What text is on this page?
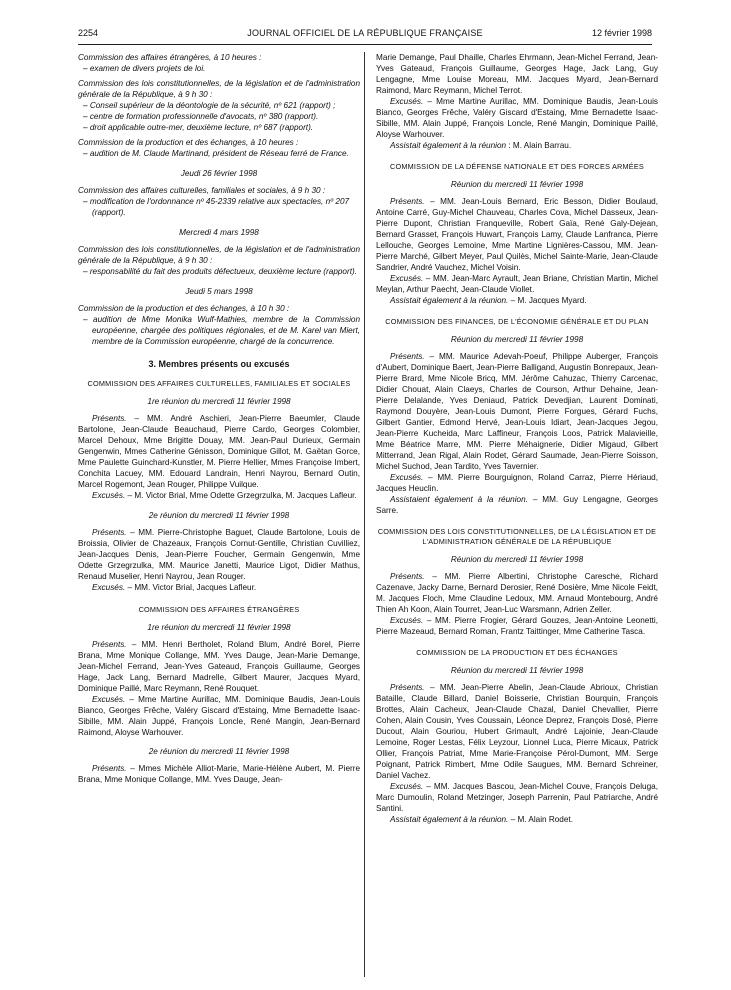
2254	JOURNAL OFFICIEL DE LA RÉPUBLIQUE FRANÇAISE	12 février 1998

Commission des affaires étrangères, à 10 heures :

– examen de divers projets de loi.

Commission des lois constitutionnelles, de la législation et de l'administration générale de la République, à 9 h 30 :

– Conseil supérieur de la déontologie de la sécurité, nº 621 (rapport) ;

– centre de formation professionnelle d'avocats, nº 380 (rapport).

– droit applicable outre-mer, deuxième lecture, nº 687 (rapport).

Commission de la production et des échanges, à 10 heures :

– audition de M. Claude Martinand, président de Réseau ferré de France.

Jeudi 26 février 1998

Commission des affaires culturelles, familiales et sociales, à 9 h 30 :

– modification de l'ordonnance nº 45-2339 relative aux spectacles, nº 207 (rapport).

Mercredi 4 mars 1998

Commission des lois constitutionnelles, de la législation et de l'administration générale de la République, à 9 h 30 :

– responsabilité du fait des produits défectueux, deuxième lecture (rapport).

Jeudi 5 mars 1998

Commission de la production et des échanges, à 10 h 30 :

– audition de Mme Monika Wulf-Mathies, membre de la Commission européenne, chargée des politiques régionales, et de M. Karel van Miert, membre de la Commission européenne, chargé de la concurrence.

3. Membres présents ou excusés

COMMISSION DES AFFAIRES CULTURELLES, FAMILIALES ET SOCIALES

1re réunion du mercredi 11 février 1998

Présents. – MM. André Aschieri, Jean-Pierre Baeumler, Claude Bartolone, Jean-Claude Beauchaud, Pierre Cardo, Georges Colombier, Marcel Dehoux, Mme Brigitte Douay, MM. Jean-Paul Durieux, Germain Gengenwin, Mmes Catherine Génisson, Dominique Gillot, M. Gaëtan Gorce, Mme Paulette Guinchard-Kunstler, M. Pierre Hellier, Mmes Françoise Imbert, Conchita Lacuey, MM. Edouard Landrain, Henri Nayrou, Bernard Outin, Marcel Rogemont, Jean Rouger, Philippe Vuilque.

Excusés. – M. Victor Brial, Mme Odette Grzegrzulka, M. Jacques Lafleur.

2e réunion du mercredi 11 février 1998

Présents. – MM. Pierre-Christophe Baguet, Claude Bartolone, Louis de Broissia, Olivier de Chazeaux, François Cornut-Gentille, Christian Cuvilliez, Jean-Jacques Denis, Jean-Pierre Foucher, Germain Gengenwin, Mme Odette Grzegrzulka, MM. Maurice Janetti, Maurice Ligot, Didier Mathus, Renaud Muselier, Henri Nayrou, Jean Rouger.

Excusés. – MM. Victor Brial, Jacques Lafleur.

COMMISSION DES AFFAIRES ÉTRANGÈRES

1re réunion du mercredi 11 février 1998

Présents. – MM. Henri Bertholet, Roland Blum, André Borel, Pierre Brana, Mme Monique Collange, MM. Yves Dauge, Jean-Marie Demange, Jean-Michel Ferrand, Jean-Yves Gateaud, François Guillaume, Georges Hage, Jack Lang, Bernard Madrelle, Gilbert Maurer, Jacques Myard, Dominique Paillé, Marc Reymann, René Rouquet.

Excusés. – Mme Martine Aurillac, MM. Dominique Baudis, Jean-Louis Bianco, Georges Frêche, Valéry Giscard d'Estaing, Mme Bernadette Isaac-Sibille, MM. Alain Juppé, François Loncle, René Mangin, Jean-Bernard Raimond, Aloyse Warhouver.

2e réunion du mercredi 11 février 1998

Présents. – Mmes Michèle Alliot-Marie, Marie-Hélène Aubert, M. Pierre Brana, Mme Monique Collange, MM. Yves Dauge, Jean-

Marie Demange, Paul Dhaille, Charles Ehrmann, Jean-Michel Ferrand, Jean-Yves Gateaud, François Guillaume, Georges Hage, Jack Lang, Guy Lengagne, Mme Louise Moreau, MM. Jacques Myard, Jean-Bernard Raimond, Marc Reymann, Michel Terrot.

Excusés. – Mme Martine Aurillac, MM. Dominique Baudis, Jean-Louis Bianco, Georges Frêche, Valéry Giscard d'Estaing, Mme Bernadette Isaac-Sibille, MM. Alain Juppé, François Loncle, René Mangin, Dominique Paillé, Aloyse Warhouver.

Assistait également à la réunion : M. Alain Barrau.

COMMISSION DE LA DÉFENSE NATIONALE ET DES FORCES ARMÉES

Réunion du mercredi 11 février 1998

Présents. – MM. Jean-Louis Bernard, Eric Besson, Didier Boulaud, Antoine Carré, Guy-Michel Chauveau, Charles Cova, Michel Dasseux, Jean-Pierre Dupont, Christian Franqueville, Robert Gaïa, René Galy-Dejean, Bernard Grasset, François Huwart, François Lamy, Claude Lanfranca, Pierre Lellouche, Georges Lemoine, Mme Martine Lignières-Cassou, MM. Jean-Pierre Marché, Gilbert Meyer, Paul Quilès, Michel Sainte-Marie, Jean-Claude Sandrier, André Vauchez, Michel Voisin.

Excusés. – MM. Jean-Marc Ayrault, Jean Briane, Christian Martin, Michel Meylan, Arthur Paecht, Jean-Claude Viollet.

Assistait également à la réunion. – M. Jacques Myard.

COMMISSION DES FINANCES, DE L'ÉCONOMIE GÉNÉRALE ET DU PLAN

Réunion du mercredi 11 février 1998

Présents. – MM. Maurice Adevah-Poeuf, Philippe Auberger, François d'Aubert, Dominique Baert, Jean-Pierre Balligand, Augustin Bonrepaux, Jean-Pierre Brard, Mme Nicole Bricq, MM. Jérôme Cahuzac, Thierry Carcenac, Didier Chouat, Alain Claeys, Charles de Courson, Arthur Dehaine, Jean-Pierre Delalande, Yves Deniaud, Patrick Devedjian, Laurent Dominati, Raymond Douyère, Jean-Louis Dumont, Pierre Forgues, Gérard Fuchs, Gilbert Gantier, Edmond Hervé, Jean-Louis Idiart, Jean-Jacques Jegou, Jean-Pierre Kucheida, Marc Laffineur, François Loos, Patrick Malavieille, Mme Béatrice Marre, MM. Pierre Méhaignerie, Didier Migaud, Gilbert Mitterrand, Jean Rigal, Alain Rodet, Gérard Saumade, Jean-Pierre Soisson, Michel Suchod, Jean Tardito, Yves Tavernier.

Excusés. – MM. Pierre Bourguignon, Roland Carraz, Pierre Hériaud, Jacques Heuclin.

Assistaient également à la réunion. – MM. Guy Lengagne, Georges Sarre.

COMMISSION DES LOIS CONSTITUTIONNELLES, DE LA LÉGISLATION ET DE L'ADMINISTRATION GÉNÉRALE DE LA RÉPUBLIQUE

Réunion du mercredi 11 février 1998

Présents. – MM. Pierre Albertini, Christophe Caresche, Richard Cazenave, Jacky Darne, Bernard Derosier, René Dosière, Mme Nicole Feidt, M. Jacques Floch, Mme Claudine Ledoux, MM. Arnaud Montebourg, André Thien Ah Koon, Alain Tourret, Jean-Luc Warsmann, Adrien Zeller.

Excusés. – MM. Pierre Frogier, Gérard Gouzes, Jean-Antoine Leonetti, Pierre Mazeaud, Bernard Roman, Frantz Taittinger, Mme Catherine Tasca.

COMMISSION DE LA PRODUCTION ET DES ÉCHANGES

Réunion du mercredi 11 février 1998

Présents. – MM. Jean-Pierre Abelin, Jean-Claude Abrioux, Christian Bataille, Claude Billard, Daniel Boisserie, Christian Bourquin, François Brottes, Alain Cacheux, Jean-Claude Chazal, Daniel Chevallier, Pierre Cohen, Alain Cousin, Yves Coussain, Léonce Deprez, François Dosé, Pierre Ducout, Alain Gouriou, Hubert Grimault, André Lajoinie, Jean-Claude Lemoine, Roger Lestas, Félix Leyzour, Lionnel Luca, Pierre Micaux, Patrick Ollier, François Patriat, Mme Marie-Françoise Pérol-Dumont, MM. Serge Poignant, Patrick Rimbert, Mme Odile Saugues, MM. Bernard Schreiner, Daniel Vachez.

Excusés. – MM. Jacques Bascou, Jean-Michel Couve, François Deluga, Marc Dumoulin, Roland Metzinger, Joseph Parrenin, Paul Patriarche, André Santini.

Assistait également à la réunion. – M. Alain Rodet.
